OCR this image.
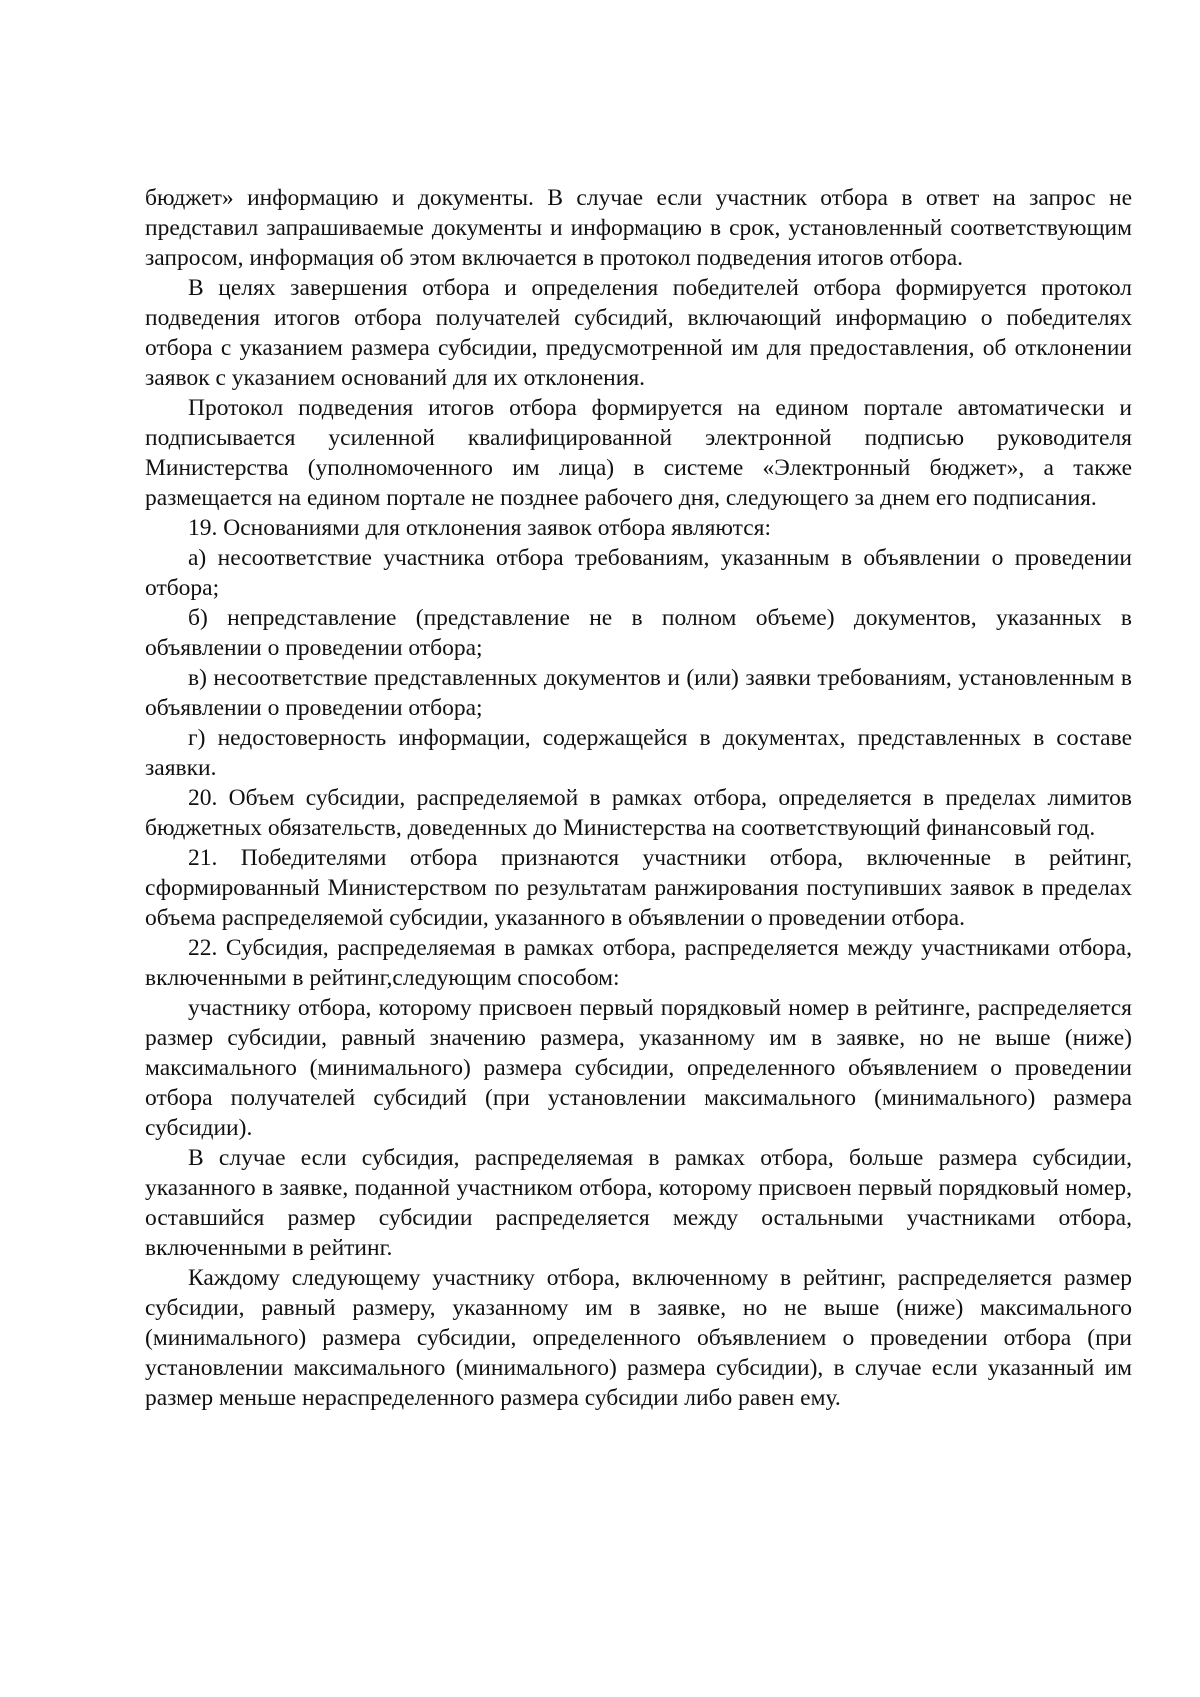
бюджет» информацию и документы. В случае если участник отбора в ответ на запрос не представил запрашиваемые документы и информацию в срок, установленный соответствующим запросом, информация об этом включается в протокол подведения итогов отбора.

В целях завершения отбора и определения победителей отбора формируется протокол подведения итогов отбора получателей субсидий, включающий информацию о победителях отбора с указанием размера субсидии, предусмотренной им для предоставления, об отклонении заявок с указанием оснований для их отклонения.

Протокол подведения итогов отбора формируется на едином портале автоматически и подписывается усиленной квалифицированной электронной подписью руководителя Министерства (уполномоченного им лица) в системе «Электронный бюджет», а также размещается на едином портале не позднее рабочего дня, следующего за днем его подписания.

19. Основаниями для отклонения заявок отбора являются:

а) несоответствие участника отбора требованиям, указанным в объявлении о проведении отбора;

б) непредставление (представление не в полном объеме) документов, указанных в объявлении о проведении отбора;

в) несоответствие представленных документов и (или) заявки требованиям, установленным в объявлении о проведении отбора;

г) недостоверность информации, содержащейся в документах, представленных в составе заявки.

20. Объем субсидии, распределяемой в рамках отбора, определяется в пределах лимитов бюджетных обязательств, доведенных до Министерства на соответствующий финансовый год.

21. Победителями отбора признаются участники отбора, включенные в рейтинг, сформированный Министерством по результатам ранжирования поступивших заявок в пределах объема распределяемой субсидии, указанного в объявлении о проведении отбора.

22. Субсидия, распределяемая в рамках отбора, распределяется между участниками отбора, включенными в рейтинг,следующим способом:

участнику отбора, которому присвоен первый порядковый номер в рейтинге, распределяется размер субсидии, равный значению размера, указанному им в заявке, но не выше (ниже) максимального (минимального) размера субсидии, определенного объявлением о проведении отбора получателей субсидий (при установлении максимального (минимального) размера субсидии).

В случае если субсидия, распределяемая в рамках отбора, больше размера субсидии, указанного в заявке, поданной участником отбора, которому присвоен первый порядковый номер, оставшийся размер субсидии распределяется между остальными участниками отбора, включенными в рейтинг.

Каждому следующему участнику отбора, включенному в рейтинг, распределяется размер субсидии, равный размеру, указанному им в заявке, но не выше (ниже) максимального (минимального) размера субсидии, определенного объявлением о проведении отбора (при установлении максимального (минимального) размера субсидии), в случае если указанный им размер меньше нераспределенного размера субсидии либо равен ему.
